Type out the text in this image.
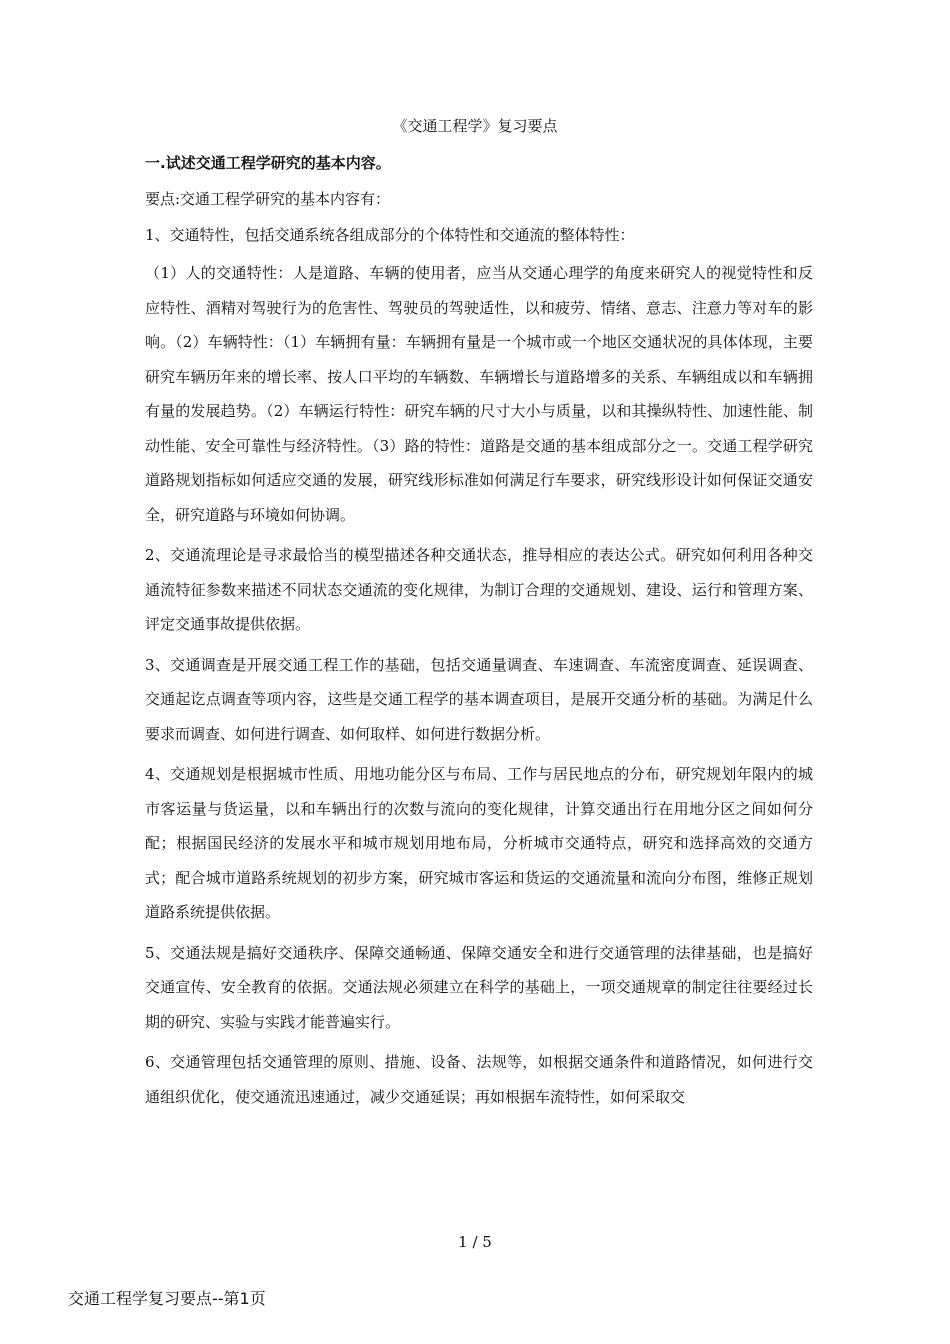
《交通工程学》复习要点

一.试述交通工程学研究的基本内容。

要点:交通工程学研究的基本内容有：

1、交通特性，包括交通系统各组成部分的个体特性和交通流的整体特性：

（1）人的交通特性：人是道路、车辆的使用者，应当从交通心理学的角度来研究人的视觉特性和反应特性、酒精对驾驶行为的危害性、驾驶员的驾驶适性，以和疲劳、情绪、意志、注意力等对车的影响。（2）车辆特性：（1）车辆拥有量：车辆拥有量是一个城市或一个地区交通状况的具体体现，主要研究车辆历年来的增长率、按人口平均的车辆数、车辆增长与道路增多的关系、车辆组成以和车辆拥有量的发展趋势。（2）车辆运行特性：研究车辆的尺寸大小与质量，以和其操纵特性、加速性能、制动性能、安全可靠性与经济特性。（3）路的特性：道路是交通的基本组成部分之一。交通工程学研究道路规划指标如何适应交通的发展，研究线形标准如何满足行车要求，研究线形设计如何保证交通安全，研究道路与环境如何协调。

2、交通流理论是寻求最恰当的模型描述各种交通状态，推导相应的表达公式。研究如何利用各种交通流特征参数来描述不同状态交通流的变化规律，为制订合理的交通规划、建设、运行和管理方案、评定交通事故提供依据。

3、交通调查是开展交通工程工作的基础，包括交通量调查、车速调查、车流密度调查、延误调查、交通起讫点调查等项内容，这些是交通工程学的基本调查项目，是展开交通分析的基础。为满足什么要求而调查、如何进行调查、如何取样、如何进行数据分析。

4、交通规划是根据城市性质、用地功能分区与布局、工作与居民地点的分布，研究规划年限内的城市客运量与货运量，以和车辆出行的次数与流向的变化规律，计算交通出行在用地分区之间如何分配；根据国民经济的发展水平和城市规划用地布局，分析城市交通特点，研究和选择高效的交通方式；配合城市道路系统规划的初步方案，研究城市客运和货运的交通流量和流向分布图，维修正规划道路系统提供依据。

5、交通法规是搞好交通秩序、保障交通畅通、保障交通安全和进行交通管理的法律基础，也是搞好交通宣传、安全教育的依据。交通法规必须建立在科学的基础上，一项交通规章的制定往往要经过长期的研究、实验与实践才能普遍实行。

6、交通管理包括交通管理的原则、措施、设备、法规等，如根据交通条件和道路情况，如何进行交通组织优化，使交通流迅速通过，减少交通延误；再如根据车流特性，如何采取交

1 / 5
交通工程学复习要点--第1页
